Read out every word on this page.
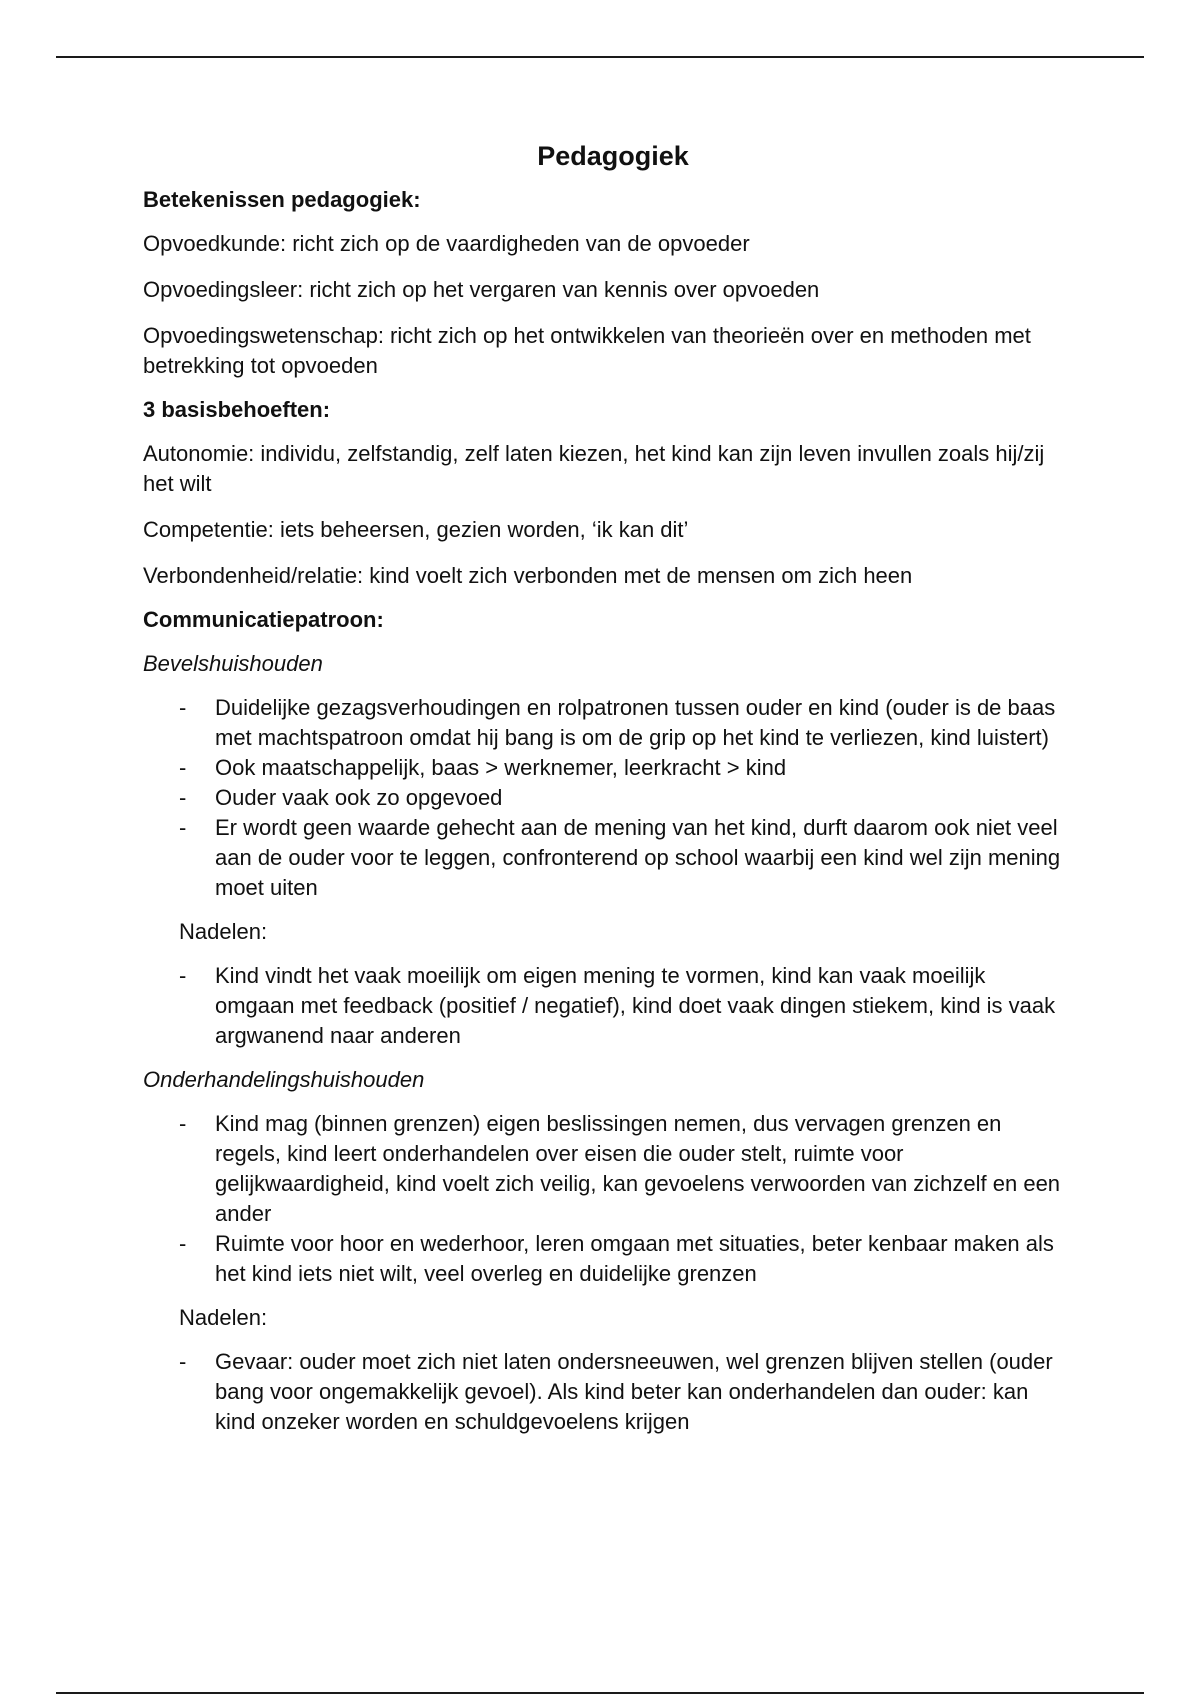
Pedagogiek
Betekenissen pedagogiek:
Opvoedkunde: richt zich op de vaardigheden van de opvoeder
Opvoedingsleer: richt zich op het vergaren van kennis over opvoeden
Opvoedingswetenschap: richt zich op het ontwikkelen van theorieën over en methoden met betrekking tot opvoeden
3 basisbehoeften:
Autonomie: individu, zelfstandig, zelf laten kiezen, het kind kan zijn leven invullen zoals hij/zij het wilt
Competentie: iets beheersen, gezien worden, ‘ik kan dit’
Verbondenheid/relatie: kind voelt zich verbonden met de mensen om zich heen
Communicatiepatroon:
Bevelshuishouden
- Duidelijke gezagsverhoudingen en rolpatronen tussen ouder en kind (ouder is de baas met machtspatroon omdat hij bang is om de grip op het kind te verliezen, kind luistert)
- Ook maatschappelijk, baas > werknemer, leerkracht > kind
- Ouder vaak ook zo opgevoed
- Er wordt geen waarde gehecht aan de mening van het kind, durft daarom ook niet veel aan de ouder voor te leggen, confronterend op school waarbij een kind wel zijn mening moet uiten
Nadelen:
- Kind vindt het vaak moeilijk om eigen mening te vormen, kind kan vaak moeilijk omgaan met feedback (positief / negatief), kind doet vaak dingen stiekem, kind is vaak argwanend naar anderen
Onderhandelingshuishouden
- Kind mag (binnen grenzen) eigen beslissingen nemen, dus vervagen grenzen en regels, kind leert onderhandelen over eisen die ouder stelt, ruimte voor gelijkwaardigheid, kind voelt zich veilig, kan gevoelens verwoorden van zichzelf en een ander
- Ruimte voor hoor en wederhoor, leren omgaan met situaties, beter kenbaar maken als het kind iets niet wilt, veel overleg en duidelijke grenzen
Nadelen:
- Gevaar: ouder moet zich niet laten ondersneeuwen, wel grenzen blijven stellen (ouder bang voor ongemakkelijk gevoel). Als kind beter kan onderhandelen dan ouder: kan kind onzeker worden en schuldgevoelens krijgen
